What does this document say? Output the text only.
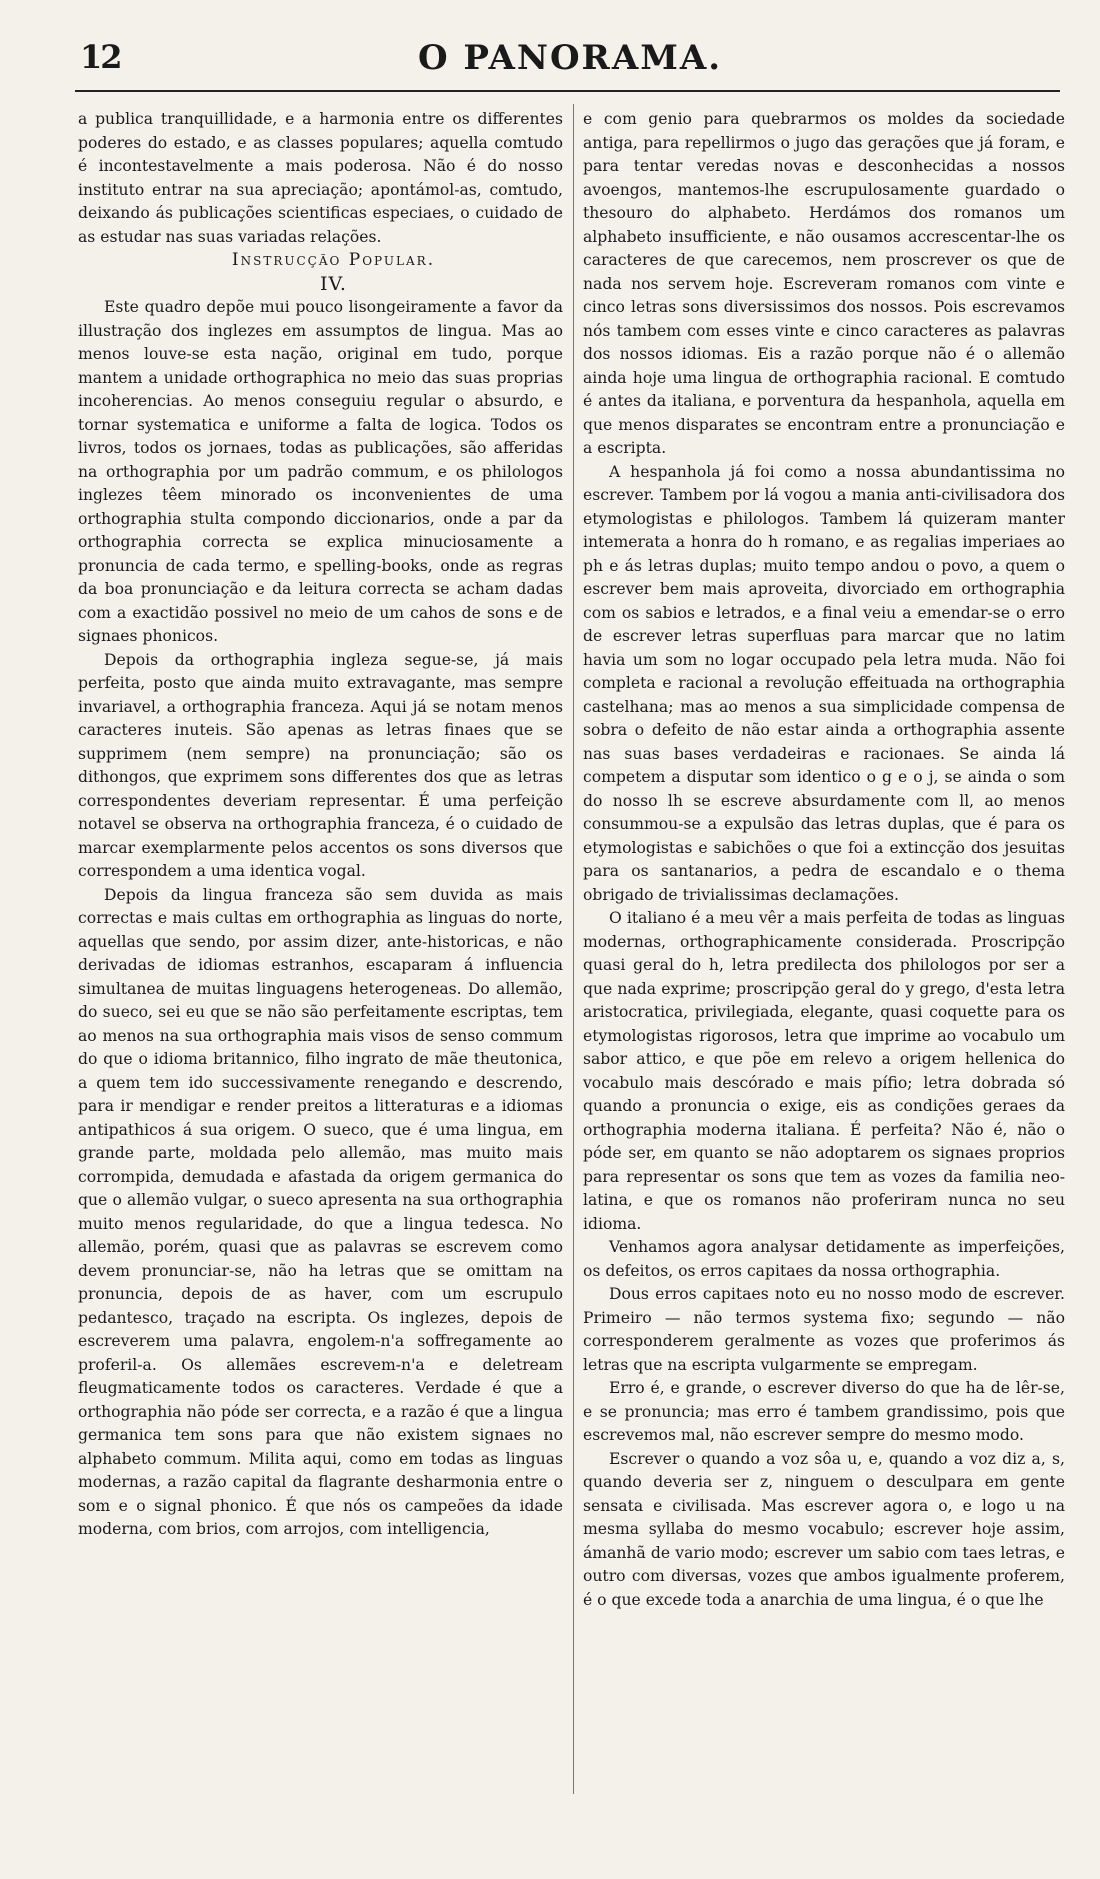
12	O PANORAMA.

a publica tranquillidade, e a harmonia entre os differentes poderes do estado, e as classes populares; aquella comtudo é incontestavelmente a mais poderosa. Não é do nosso instituto entrar na sua apreciação; apontámol-as, comtudo, deixando ás publicações scientificas especiaes, o cuidado de as estudar nas suas variadas relações.

Instrucção Popular.

IV.

Este quadro depõe mui pouco lisongeiramente a favor da illustração dos inglezes em assumptos de lingua. Mas ao menos louve-se esta nação, original em tudo, porque mantem a unidade orthographica no meio das suas proprias incoherencias. Ao menos conseguiu regular o absurdo, e tornar systematica e uniforme a falta de logica. Todos os livros, todos os jornaes, todas as publicações, são afferidas na orthographia por um padrão commum, e os philologos inglezes têem minorado os inconvenientes de uma orthographia stulta compondo diccionarios, onde a par da orthographia correcta se explica minuciosamente a pronuncia de cada termo, e spelling-books, onde as regras da boa pronunciação e da leitura correcta se acham dadas com a exactidão possivel no meio de um cahos de sons e de signaes phonicos.

Depois da orthographia ingleza segue-se, já mais perfeita, posto que ainda muito extravagante, mas sempre invariavel, a orthographia franceza. Aqui já se notam menos caracteres inuteis. São apenas as letras finaes que se supprimem (nem sempre) na pronunciação; são os dithongos, que exprimem sons differentes dos que as letras correspondentes deveriam representar. É uma perfeição notavel se observa na orthographia franceza, é o cuidado de marcar exemplarmente pelos accentos os sons diversos que correspondem a uma identica vogal.

Depois da lingua franceza são sem duvida as mais correctas e mais cultas em orthographia as linguas do norte, aquellas que sendo, por assim dizer, ante-historicas, e não derivadas de idiomas estranhos, escaparam á influencia simultanea de muitas linguagens heterogeneas. Do allemão, do sueco, sei eu que se não são perfeitamente escriptas, tem ao menos na sua orthographia mais visos de senso commum do que o idioma britannico, filho ingrato de mãe theutonica, a quem tem ido successivamente renegando e descrendo, para ir mendigar e render preitos a litteraturas e a idiomas antipathicos á sua origem. O sueco, que é uma lingua, em grande parte, moldada pelo allemão, mas muito mais corrompida, demudada e afastada da origem germanica do que o allemão vulgar, o sueco apresenta na sua orthographia muito menos regularidade, do que a lingua tedesca. No allemão, porém, quasi que as palavras se escrevem como devem pronunciar-se, não ha letras que se omittam na pronuncia, depois de as haver, com um escrupulo pedantesco, traçado na escripta. Os inglezes, depois de escreverem uma palavra, engolem-n'a soffregamente ao proferil-a. Os allemães escrevem-n'a e deletream fleugmaticamente todos os caracteres. Verdade é que a orthographia não póde ser correcta, e a razão é que a lingua germanica tem sons para que não existem signaes no alphabeto commum. Milita aqui, como em todas as linguas modernas, a razão capital da flagrante desharmonia entre o som e o signal phonico. É que nós os campeões da idade moderna, com brios, com arrojos, com intelligencia,

e com genio para quebrarmos os moldes da sociedade antiga, para repellirmos o jugo das gerações que já foram, e para tentar veredas novas e desconhecidas a nossos avoengos, mantemos-lhe escrupulosamente guardado o thesouro do alphabeto. Herdámos dos romanos um alphabeto insufficiente, e não ousamos accrescentar-lhe os caracteres de que carecemos, nem proscrever os que de nada nos servem hoje. Escreveram romanos com vinte e cinco letras sons diversissimos dos nossos. Pois escrevamos nós tambem com esses vinte e cinco caracteres as palavras dos nossos idiomas. Eis a razão porque não é o allemão ainda hoje uma lingua de orthographia racional. E comtudo é antes da italiana, e porventura da hespanhola, aquella em que menos disparates se encontram entre a pronunciação e a escripta.

A hespanhola já foi como a nossa abundantissima no escrever. Tambem por lá vogou a mania anti-civilisadora dos etymologistas e philologos. Tambem lá quizeram manter intemerata a honra do h romano, e as regalias imperiaes ao ph e ás letras duplas; muito tempo andou o povo, a quem o escrever bem mais aproveita, divorciado em orthographia com os sabios e letrados, e a final veiu a emendar-se o erro de escrever letras superfluas para marcar que no latim havia um som no logar occupado pela letra muda. Não foi completa e racional a revolução effeituada na orthographia castelhana; mas ao menos a sua simplicidade compensa de sobra o defeito de não estar ainda a orthographia assente nas suas bases verdadeiras e racionaes. Se ainda lá competem a disputar som identico o g e o j, se ainda o som do nosso lh se escreve absurdamente com ll, ao menos consummou-se a expulsão das letras duplas, que é para os etymologistas e sabichões o que foi a extincção dos jesuitas para os santanarios, a pedra de escandalo e o thema obrigado de trivialissimas declamações.

O italiano é a meu vêr a mais perfeita de todas as linguas modernas, orthographicamente considerada. Proscripção quasi geral do h, letra predilecta dos philologos por ser a que nada exprime; proscripção geral do y grego, d'esta letra aristocratica, privilegiada, elegante, quasi coquette para os etymologistas rigorosos, letra que imprime ao vocabulo um sabor attico, e que põe em relevo a origem hellenica do vocabulo mais descórado e mais pífio; letra dobrada só quando a pronuncia o exige, eis as condições geraes da orthographia moderna italiana. É perfeita? Não é, não o póde ser, em quanto se não adoptarem os signaes proprios para representar os sons que tem as vozes da familia neo-latina, e que os romanos não proferiram nunca no seu idioma.

Venhamos agora analysar detidamente as imperfeições, os defeitos, os erros capitaes da nossa orthographia.

Dous erros capitaes noto eu no nosso modo de escrever. Primeiro — não termos systema fixo; segundo — não corresponderem geralmente as vozes que proferimos ás letras que na escripta vulgarmente se empregam.

Erro é, e grande, o escrever diverso do que ha de lêr-se, e se pronuncia; mas erro é tambem grandissimo, pois que escrevemos mal, não escrever sempre do mesmo modo.

Escrever o quando a voz sôa u, e, quando a voz diz a, s, quando deveria ser z, ninguem o desculpara em gente sensata e civilisada. Mas escrever agora o, e logo u na mesma syllaba do mesmo vocabulo; escrever hoje assim, ámanhã de vario modo; escrever um sabio com taes letras, e outro com diversas, vozes que ambos igualmente proferem, é o que excede toda a anarchia de uma lingua, é o que lhe
